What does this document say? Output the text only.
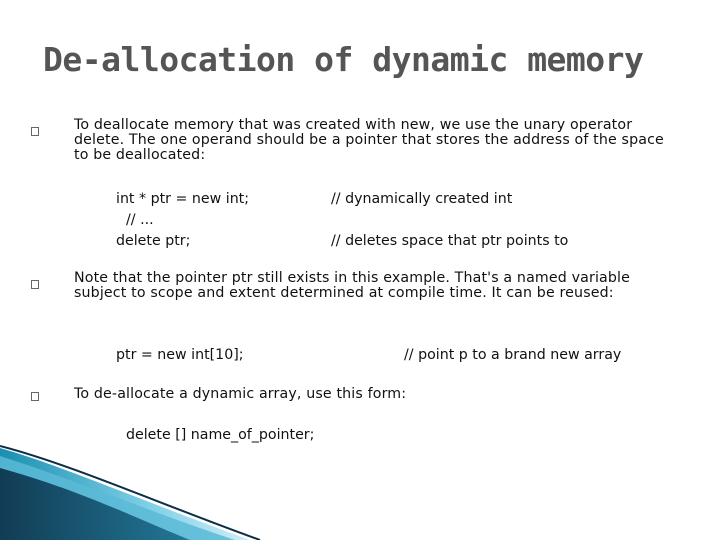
De-allocation of dynamic memory
To deallocate memory that was created with new, we use the unary operator delete. The one operand should be a pointer that stores the address of the space to be deallocated:
int * ptr = new int;	// dynamically created int
// ...
delete ptr;	// deletes space that ptr points to
Note that the pointer ptr still exists in this example. That's a named variable subject to scope and extent determined at compile time. It can be reused:
ptr = new int[10];	// point p to a brand new array
To de-allocate a dynamic array, use this form:
delete [] name_of_pointer;
